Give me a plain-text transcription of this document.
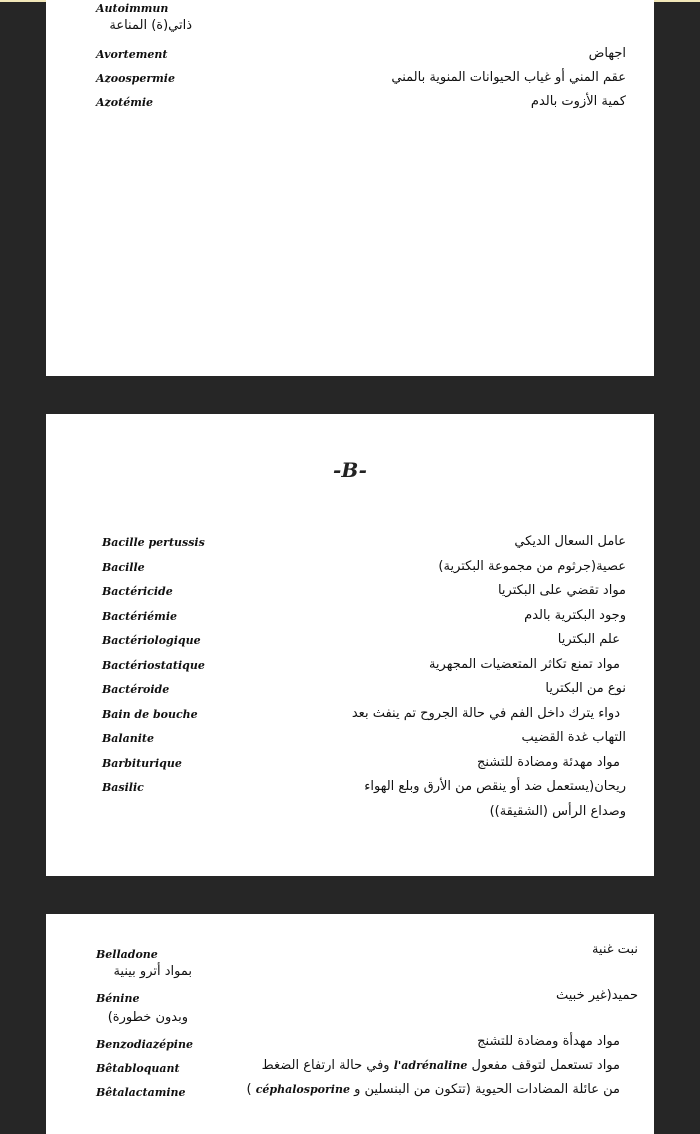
Autoimmun
ذاتي(ة) المناعة
Avortement	اجهاض
Azoospermie	عقم المني أو غياب الحيوانات المنوية بالمني
Azotémie	كمية الأزوت بالدم
-B-
Bacille pertussis	عامل السعال الديكي
Bacille	عصية(جرثوم من مجموعة البكترية)
Bactéricide	مواد تقضي على البكتريا
Bactériémie	وجود البكترية بالدم
Bactériologique	علم البكتريا
Bactériostatique	مواد تمنع تكاثر المتعضيات المجهرية
Bactéroide	نوع من البكتريا
Bain de bouche	دواء يترك داخل الفم في حالة الجروح تم ينفث بعد
Balanite	التهاب غدة القضيب
Barbiturique	مواد مهدئة ومضادة للتشنج
Basilic	ريحان(يستعمل ضد أو ينقص من الأرق وبلع الهواء
وصداع الرأس (الشقيقة))
Belladone	نبت غنية
بمواد أترو بينية
Bénine	حميد(غير خبيث
وبدون خطورة)
Benzodiazépine	مواد مهدأة ومضادة للتشنج
Bêtabloquant	مواد تستعمل لتوقف مفعول l'adrénaline وفي حالة ارتفاع الضغط
Bêtalactamine	من عائلة المضادات الحيوية (تتكون من البنسلين و céphalosporine )
